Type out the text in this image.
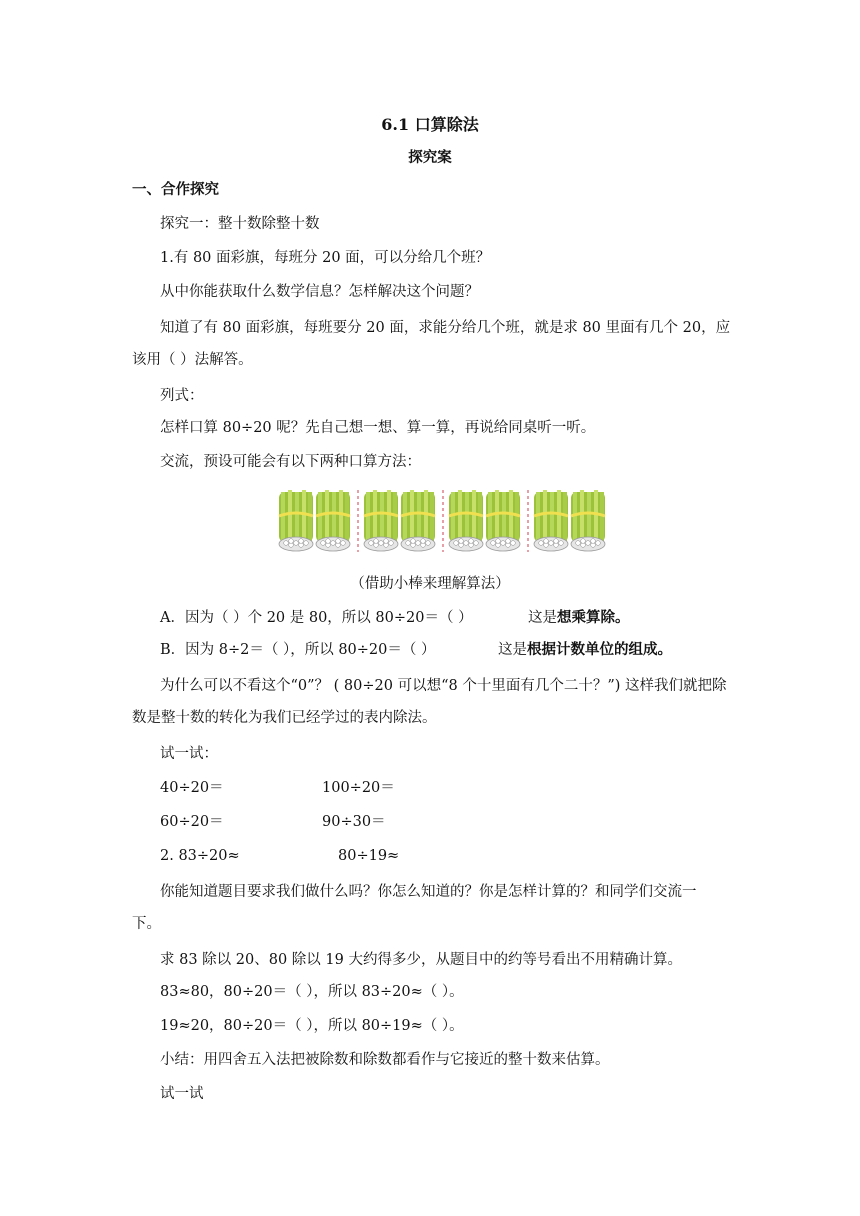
6.1 口算除法
探究案
一、合作探究
探究一：整十数除整十数
1.有 80 面彩旗，每班分 20 面，可以分给几个班？
从中你能获取什么数学信息？怎样解决这个问题？
知道了有 80 面彩旗，每班要分 20 面，求能分给几个班，就是求 80 里面有几个 20，应
该用（ ）法解答。
列式：
怎样口算 80÷20 呢？先自己想一想、算一算，再说给同桌听一听。
交流，预设可能会有以下两种口算方法：
（借助小棒来理解算法）
A．因为（ ）个 20 是 80，所以 80÷20＝（ ）	这是想乘算除。
B．因为 8÷2＝（ ），所以 80÷20＝（ ）	这是根据计数单位的组成。
为什么可以不看这个“0”？ ( 80÷20 可以想“8 个十里面有几个二十？”) 这样我们就把除
数是整十数的转化为我们已经学过的表内除法。
试一试：
40÷20＝	100÷20＝
60÷20＝	90÷30＝
2. 83÷20≈	80÷19≈
你能知道题目要求我们做什么吗？你怎么知道的？你是怎样计算的？和同学们交流一
下。
求 83 除以 20、80 除以 19 大约得多少，从题目中的约等号看出不用精确计算。
83≈80，80÷20＝（ ），所以 83÷20≈（ ）。
19≈20，80÷20＝（ ），所以 80÷19≈（ ）。
小结：用四舍五入法把被除数和除数都看作与它接近的整十数来估算。
试一试
